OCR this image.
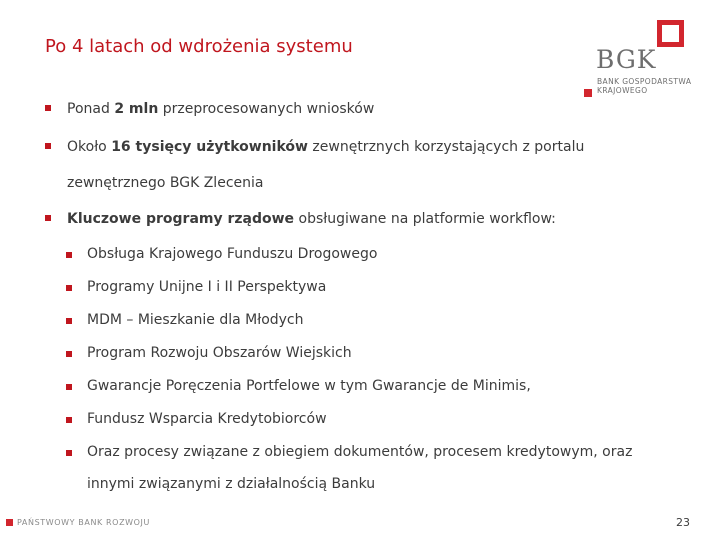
Po 4 latach od wdrożenia systemu	BGK
BANK GOSPODARSTWA
KRAJOWEGO
Ponad 2 mln przeprocesowanych wniosków
Około 16 tysięcy użytkowników zewnętrznych korzystających z portalu
zewnętrznego BGK Zlecenia
Kluczowe programy rządowe obsługiwane na platformie workflow:
Obsługa Krajowego Funduszu Drogowego
Programy Unijne I i II Perspektywa
MDM – Mieszkanie dla Młodych
Program Rozwoju Obszarów Wiejskich
Gwarancje Poręczenia Portfelowe w tym Gwarancje de Minimis,
Fundusz Wsparcia Kredytobiorców
Oraz procesy związane z obiegiem dokumentów, procesem kredytowym, oraz
innymi związanymi z działalnością Banku
PAŃSTWOWY BANK ROZWOJU	23
